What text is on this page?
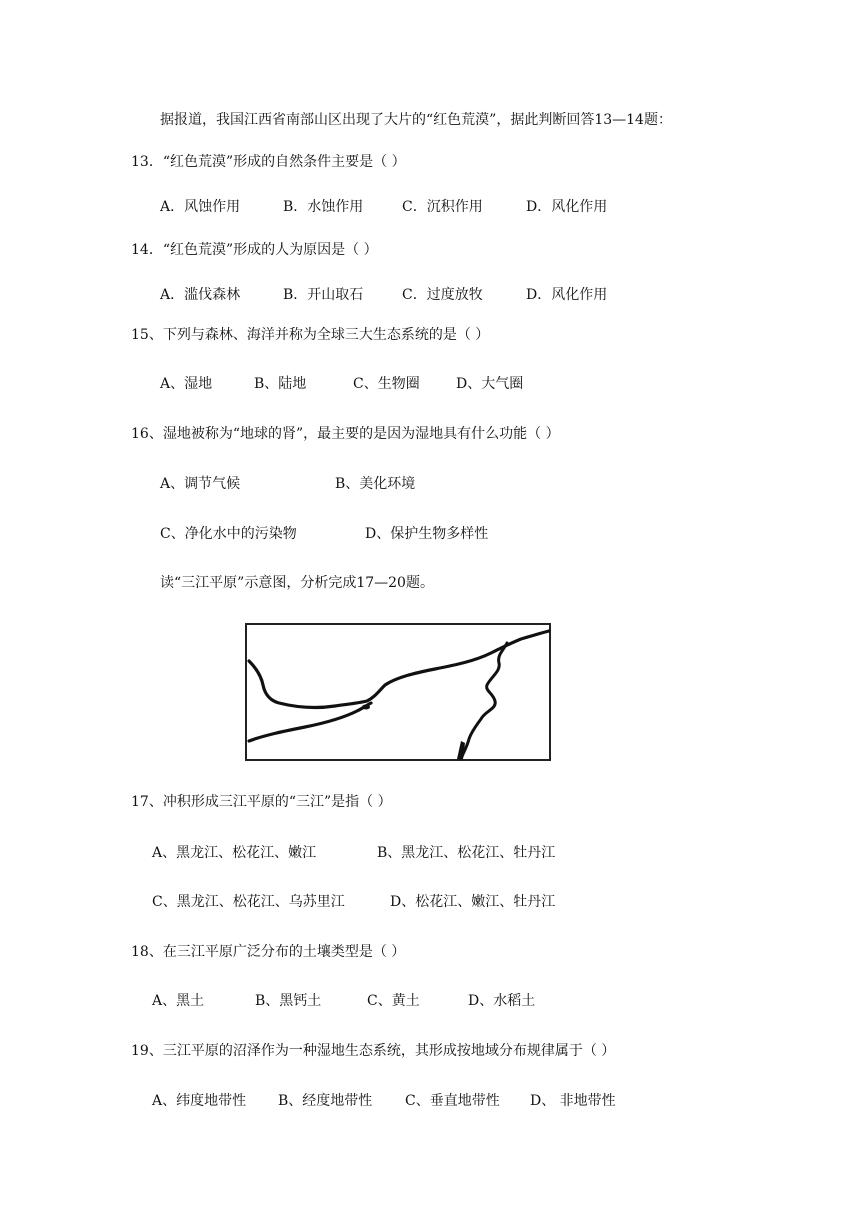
据报道，我国江西省南部山区出现了大片的“红色荒漠”，据此判断回答13—14题：
13．“红色荒漠”形成的自然条件主要是（ ）
A．风蚀作用	B．水蚀作用	C．沉积作用	D．风化作用
14．“红色荒漠”形成的人为原因是（ ）
A．滥伐森林	B．开山取石	C．过度放牧	D．风化作用
15、下列与森林、海洋并称为全球三大生态系统的是（ ）
A、湿地	B、陆地	C、生物圈	D、大气圈
16、湿地被称为“地球的肾”，最主要的是因为湿地具有什么功能（ ）
A、调节气候	B、美化环境
C、净化水中的污染物	D、保护生物多样性
读“三江平原”示意图，分析完成17—20题。
17、冲积形成三江平原的“三江”是指（ ）
A、黑龙江、松花江、嫩江	B、黑龙江、松花江、牡丹江
C、黑龙江、松花江、乌苏里江	D、松花江、嫩江、牡丹江
18、在三江平原广泛分布的土壤类型是（ ）
A、黑土	B、黑钙土	C、黄土	D、水稻土
19、三江平原的沼泽作为一种湿地生态系统，其形成按地域分布规律属于（ ）
A、纬度地带性 B、经度地带性 C、垂直地带性 D、 非地带性
